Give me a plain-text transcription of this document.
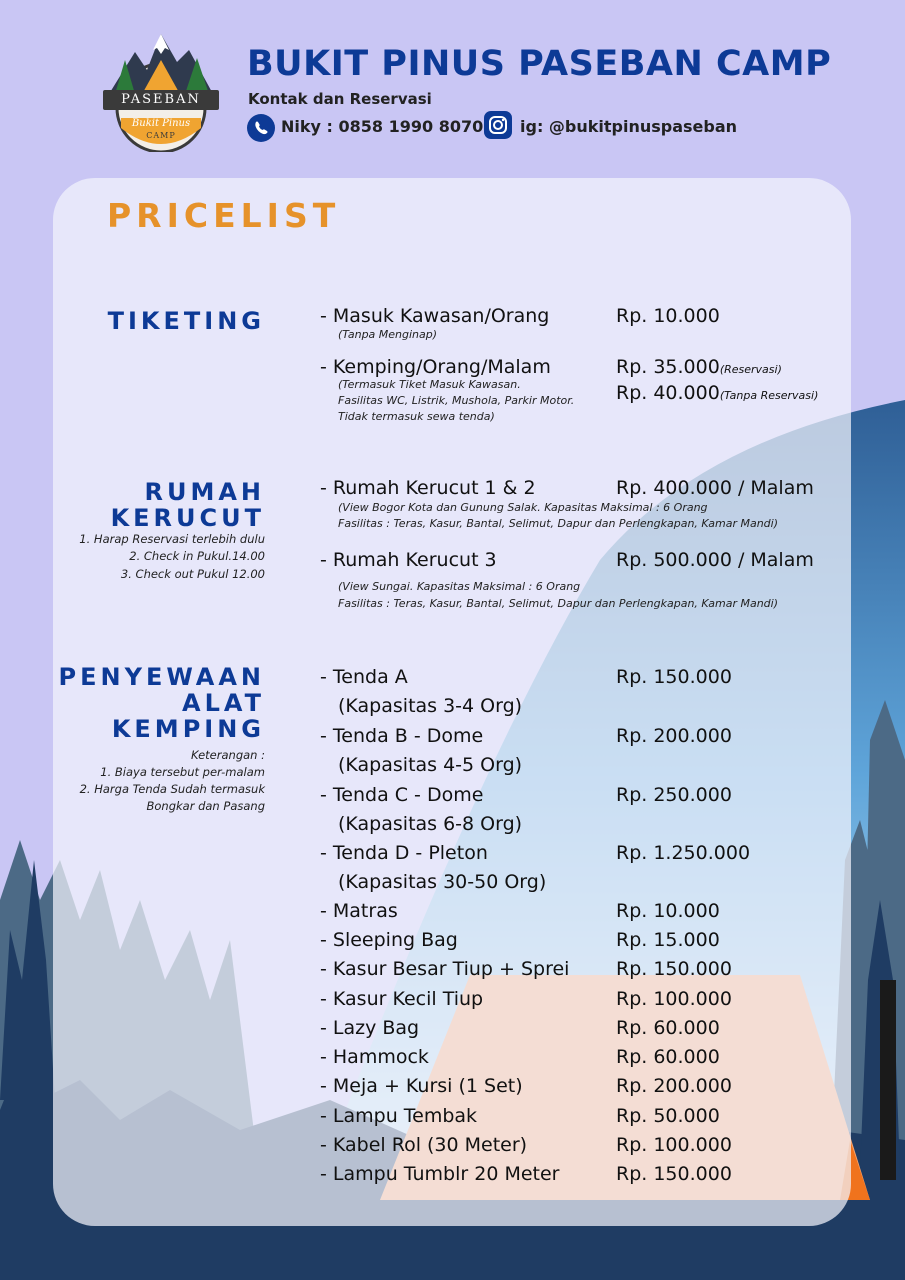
PASEBAN
Bukit Pinus
CAMP
BUKIT PINUS PASEBAN CAMP
Kontak dan Reservasi
Niky : 0858 1990 8070 ig: @bukitpinuspaseban
PRICELIST
TIKETING	- Masuk Kawasan/Orang	Rp. 10.000
(Tanpa Menginap)
- Kemping/Orang/Malam	Rp. 35.000(Reservasi)
Rp. 40.000(Tanpa Reservasi)
(Termasuk Tiket Masuk Kawasan.
Fasilitas WC, Listrik, Mushola, Parkir Motor.
Tidak termasuk sewa tenda)
RUMAH
KERUCUT
1. Harap Reservasi terlebih dulu
2. Check in Pukul.14.00
3. Check out Pukul 12.00
- Rumah Kerucut 1 & 2	Rp. 400.000 / Malam
(View Bogor Kota dan Gunung Salak. Kapasitas Maksimal : 6 Orang
Fasilitas : Teras, Kasur, Bantal, Selimut, Dapur dan Perlengkapan, Kamar Mandi)
- Rumah Kerucut 3	Rp. 500.000 / Malam
(View Sungai. Kapasitas Maksimal : 6 Orang
Fasilitas : Teras, Kasur, Bantal, Selimut, Dapur dan Perlengkapan, Kamar Mandi)
PENYEWAAN
ALAT
KEMPING
Keterangan :
1. Biaya tersebut per-malam
2. Harga Tenda Sudah termasuk
Bongkar dan Pasang
- Tenda A	Rp. 150.000
(Kapasitas 3-4 Org)
- Tenda B - Dome	Rp. 200.000
(Kapasitas 4-5 Org)
- Tenda C - Dome	Rp. 250.000
(Kapasitas 6-8 Org)
- Tenda D - Pleton	Rp. 1.250.000
(Kapasitas 30-50 Org)
- Matras	Rp. 10.000
- Sleeping Bag	Rp. 15.000
- Kasur Besar Tiup + Sprei Rp. 150.000
- Kasur Kecil Tiup	Rp. 100.000
- Lazy Bag	Rp. 60.000
- Hammock	Rp. 60.000
- Meja + Kursi (1 Set)	Rp. 200.000
- Lampu Tembak	Rp. 50.000
- Kabel Rol (30 Meter)	Rp. 100.000
- Lampu Tumblr 20 Meter	Rp. 150.000
